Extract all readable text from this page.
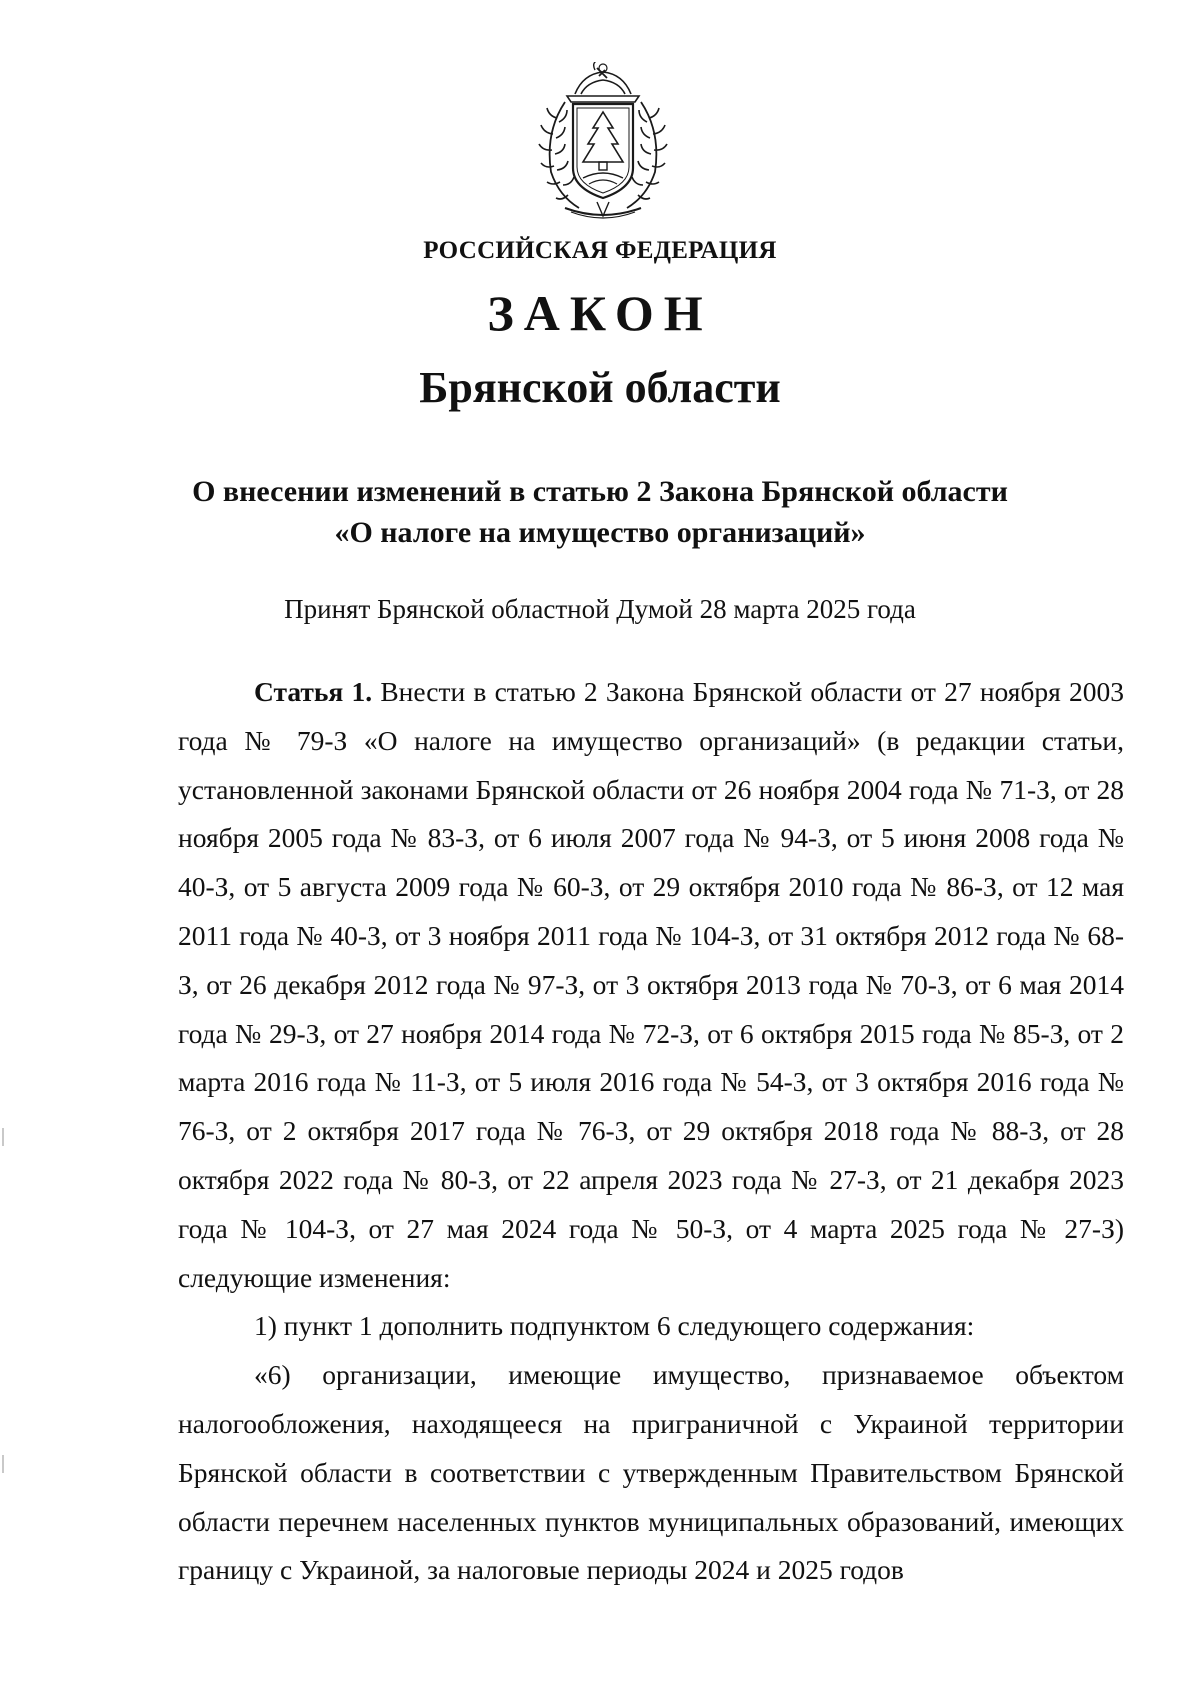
РОССИЙСКАЯ ФЕДЕРАЦИЯ
ЗАКОН
Брянской области
О внесении изменений в статью 2 Закона Брянской области
«О налоге на имущество организаций»
Принят Брянской областной Думой 28 марта 2025 года

Статья 1. Внести в статью 2 Закона Брянской области от 27 ноября 2003 года № 79-З «О налоге на имущество организаций» (в редакции статьи, установленной законами Брянской области от 26 ноября 2004 года № 71-З, от 28 ноября 2005 года № 83-З, от 6 июля 2007 года № 94-З, от 5 июня 2008 года № 40-З, от 5 августа 2009 года № 60-З, от 29 октября 2010 года № 86-З, от 12 мая 2011 года № 40-З, от 3 ноября 2011 года № 104-З, от 31 октября 2012 года № 68-З, от 26 декабря 2012 года № 97-З, от 3 октября 2013 года № 70-З, от 6 мая 2014 года № 29-З, от 27 ноября 2014 года № 72-З, от 6 октября 2015 года № 85-З, от 2 марта 2016 года № 11-З, от 5 июля 2016 года № 54-З, от 3 октября 2016 года № 76-З, от 2 октября 2017 года № 76-З, от 29 октября 2018 года № 88-З, от 28 октября 2022 года № 80-З, от 22 апреля 2023 года № 27-З, от 21 декабря 2023 года № 104-З, от 27 мая 2024 года № 50-З, от 4 марта 2025 года № 27-З) следующие изменения:

1) пункт 1 дополнить подпунктом 6 следующего содержания:

«6) организации, имеющие имущество, признаваемое объектом налогообложения, находящееся на приграничной с Украиной территории Брянской области в соответствии с утвержденным Правительством Брянской области перечнем населенных пунктов муниципальных образований, имеющих границу с Украиной, за налоговые периоды 2024 и 2025 годов
